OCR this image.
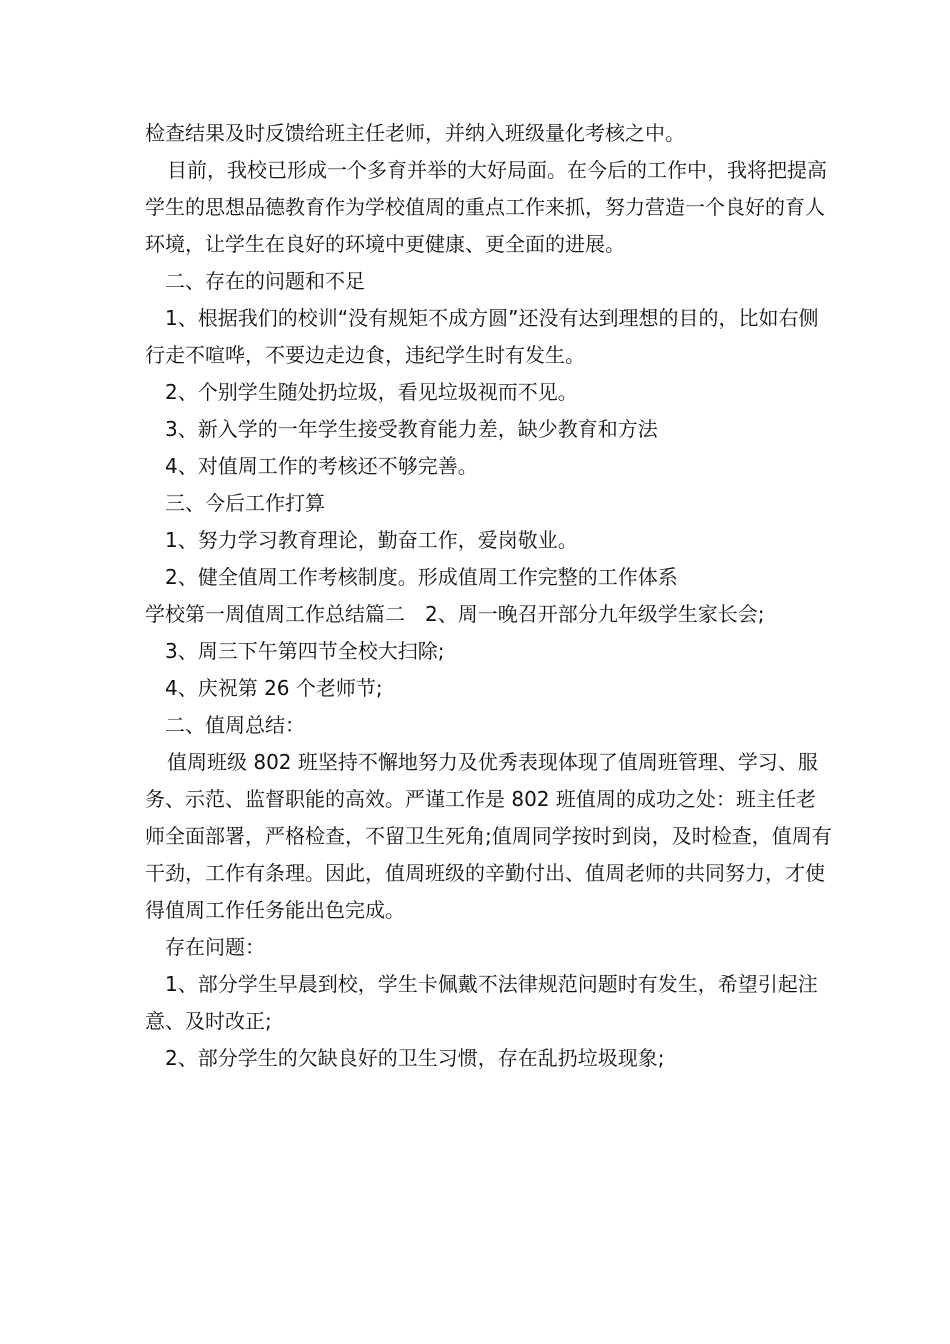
检查结果及时反馈给班主任老师，并纳入班级量化考核之中。

目前，我校已形成一个多育并举的大好局面。在今后的工作中，我将把提高学生的思想品德教育作为学校值周的重点工作来抓，努力营造一个良好的育人环境，让学生在良好的环境中更健康、更全面的进展。

二、存在的问题和不足

1、根据我们的校训“没有规矩不成方圆”还没有达到理想的目的，比如右侧行走不喧哗，不要边走边食，违纪学生时有发生。

2、个别学生随处扔垃圾，看见垃圾视而不见。

3、新入学的一年学生接受教育能力差，缺少教育和方法

4、对值周工作的考核还不够完善。

三、今后工作打算

1、努力学习教育理论，勤奋工作，爱岗敬业。

2、健全值周工作考核制度。形成值周工作完整的工作体系

学校第一周值周工作总结篇二　2、周一晚召开部分九年级学生家长会;

3、周三下午第四节全校大扫除;

4、庆祝第 26 个老师节;

二、值周总结：

值周班级 802 班坚持不懈地努力及优秀表现体现了值周班管理、学习、服务、示范、监督职能的高效。严谨工作是 802 班值周的成功之处：班主任老师全面部署，严格检查，不留卫生死角;值周同学按时到岗，及时检查，值周有干劲，工作有条理。因此，值周班级的辛勤付出、值周老师的共同努力，才使得值周工作任务能出色完成。

存在问题：

1、部分学生早晨到校，学生卡佩戴不法律规范问题时有发生，希望引起注意、及时改正;

2、部分学生的欠缺良好的卫生习惯，存在乱扔垃圾现象;
